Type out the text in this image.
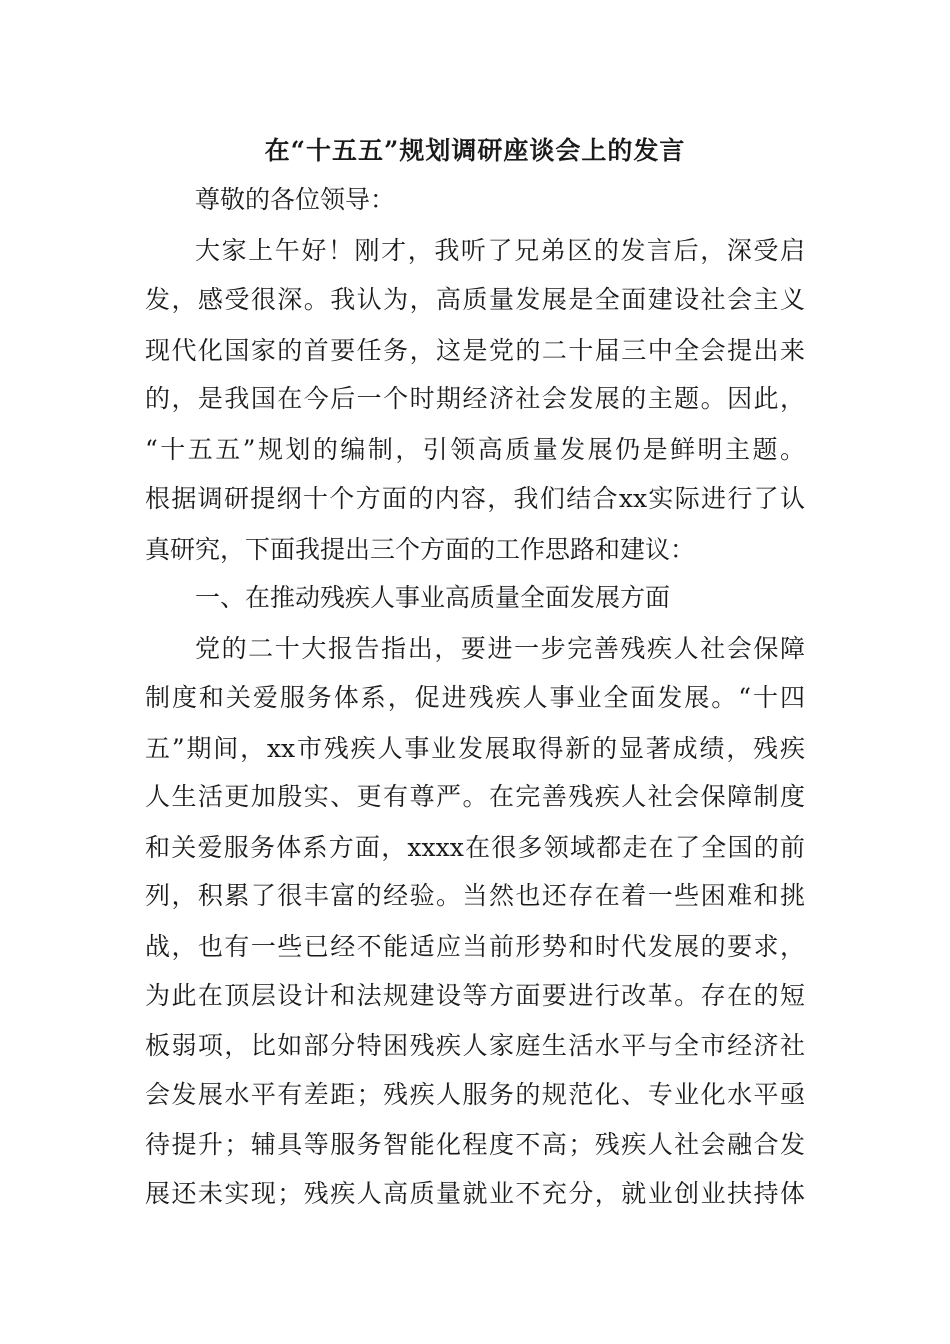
在“十五五”规划调研座谈会上的发言
尊敬的各位领导：
大家上午好！刚才，我听了兄弟区的发言后，深受启
发，感受很深。我认为，高质量发展是全面建设社会主义
现代化国家的首要任务，这是党的二十届三中全会提出来
的，是我国在今后一个时期经济社会发展的主题。因此，
“十五五”规划的编制，引领高质量发展仍是鲜明主题。
根据调研提纲十个方面的内容，我们结合xx实际进行了认
真研究，下面我提出三个方面的工作思路和建议：
一、在推动残疾人事业高质量全面发展方面
党的二十大报告指出，要进一步完善残疾人社会保障
制度和关爱服务体系，促进残疾人事业全面发展。“十四
五”期间，xx市残疾人事业发展取得新的显著成绩，残疾
人生活更加殷实、更有尊严。在完善残疾人社会保障制度
和关爱服务体系方面，xxxx在很多领域都走在了全国的前
列，积累了很丰富的经验。当然也还存在着一些困难和挑
战，也有一些已经不能适应当前形势和时代发展的要求，
为此在顶层设计和法规建设等方面要进行改革。存在的短
板弱项，比如部分特困残疾人家庭生活水平与全市经济社
会发展水平有差距；残疾人服务的规范化、专业化水平亟
待提升；辅具等服务智能化程度不高；残疾人社会融合发
展还未实现；残疾人高质量就业不充分，就业创业扶持体
